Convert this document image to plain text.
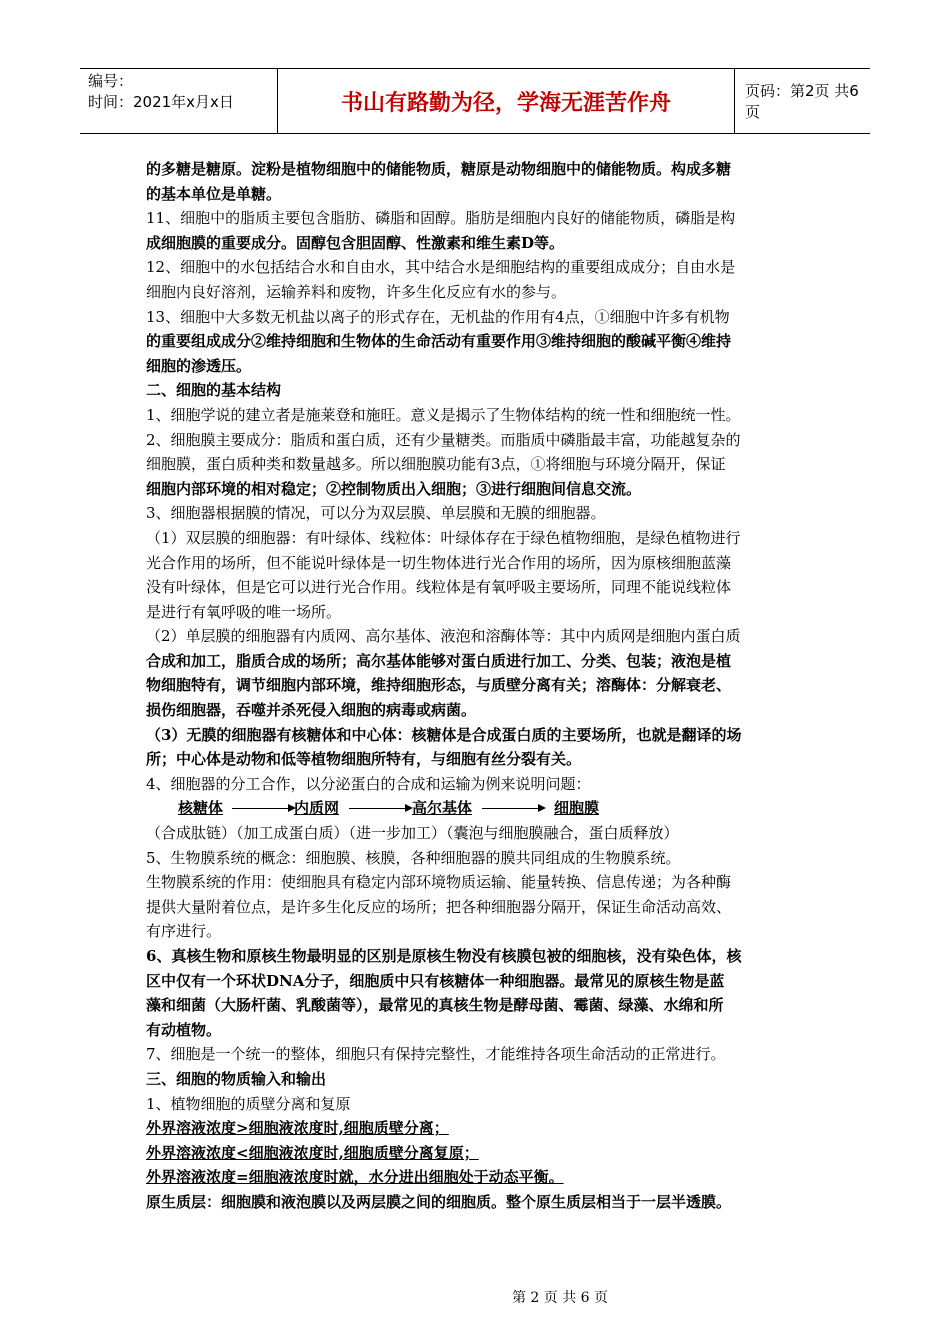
编号：
时间：2021年x月x日	书山有路勤为径，学海无涯苦作舟	页码：第2页 共6页

的多糖是糖原。淀粉是植物细胞中的储能物质，糖原是动物细胞中的储能物质。构成多糖

的基本单位是单糖。

11、细胞中的脂质主要包含脂肪、磷脂和固醇。脂肪是细胞内良好的储能物质，磷脂是构

成细胞膜的重要成分。固醇包含胆固醇、性激素和维生素D等。

12、细胞中的水包括结合水和自由水，其中结合水是细胞结构的重要组成成分；自由水是

细胞内良好溶剂，运输养料和废物，许多生化反应有水的参与。

13、细胞中大多数无机盐以离子的形式存在，无机盐的作用有4点，①细胞中许多有机物

的重要组成成分②维持细胞和生物体的生命活动有重要作用③维持细胞的酸碱平衡④维持

细胞的渗透压。

二、细胞的基本结构

1、细胞学说的建立者是施莱登和施旺。意义是揭示了生物体结构的统一性和细胞统一性。

2、细胞膜主要成分：脂质和蛋白质，还有少量糖类。而脂质中磷脂最丰富，功能越复杂的

细胞膜，蛋白质种类和数量越多。所以细胞膜功能有3点，①将细胞与环境分隔开，保证

细胞内部环境的相对稳定；②控制物质出入细胞；③进行细胞间信息交流。

3、细胞器根据膜的情况，可以分为双层膜、单层膜和无膜的细胞器。

（1）双层膜的细胞器：有叶绿体、线粒体：叶绿体存在于绿色植物细胞，是绿色植物进行

光合作用的场所，但不能说叶绿体是一切生物体进行光合作用的场所，因为原核细胞蓝藻

没有叶绿体，但是它可以进行光合作用。线粒体是有氧呼吸主要场所，同理不能说线粒体

是进行有氧呼吸的唯一场所。

（2）单层膜的细胞器有内质网、高尔基体、液泡和溶酶体等：其中内质网是细胞内蛋白质

合成和加工，脂质合成的场所；高尔基体能够对蛋白质进行加工、分类、包装；液泡是植

物细胞特有，调节细胞内部环境，维持细胞形态，与质壁分离有关；溶酶体：分解衰老、

损伤细胞器，吞噬并杀死侵入细胞的病毒或病菌。

（3）无膜的细胞器有核糖体和中心体：核糖体是合成蛋白质的主要场所，也就是翻译的场

所；中心体是动物和低等植物细胞所特有，与细胞有丝分裂有关。

4、细胞器的分工合作，以分泌蛋白的合成和运输为例来说明问题：

核糖体	内质网	高尔基体	细胞膜

（合成肽链）（加工成蛋白质）（进一步加工）（囊泡与细胞膜融合，蛋白质释放）

5、生物膜系统的概念：细胞膜、核膜，各种细胞器的膜共同组成的生物膜系统。

生物膜系统的作用：使细胞具有稳定内部环境物质运输、能量转换、信息传递；为各种酶

提供大量附着位点，是许多生化反应的场所；把各种细胞器分隔开，保证生命活动高效、

有序进行。

6、真核生物和原核生物最明显的区别是原核生物没有核膜包被的细胞核，没有染色体，核

区中仅有一个环状DNA分子，细胞质中只有核糖体一种细胞器。最常见的原核生物是蓝

藻和细菌（大肠杆菌、乳酸菌等），最常见的真核生物是酵母菌、霉菌、绿藻、水绵和所

有动植物。

7、细胞是一个统一的整体，细胞只有保持完整性，才能维持各项生命活动的正常进行。

三、细胞的物质输入和输出

1、植物细胞的质壁分离和复原

外界溶液浓度>细胞液浓度时,细胞质壁分离；

外界溶液浓度<细胞液浓度时,细胞质壁分离复原；

外界溶液浓度=细胞液浓度时就，水分进出细胞处于动态平衡。

原生质层：细胞膜和液泡膜以及两层膜之间的细胞质。整个原生质层相当于一层半透膜。

第 2 页 共 6 页
